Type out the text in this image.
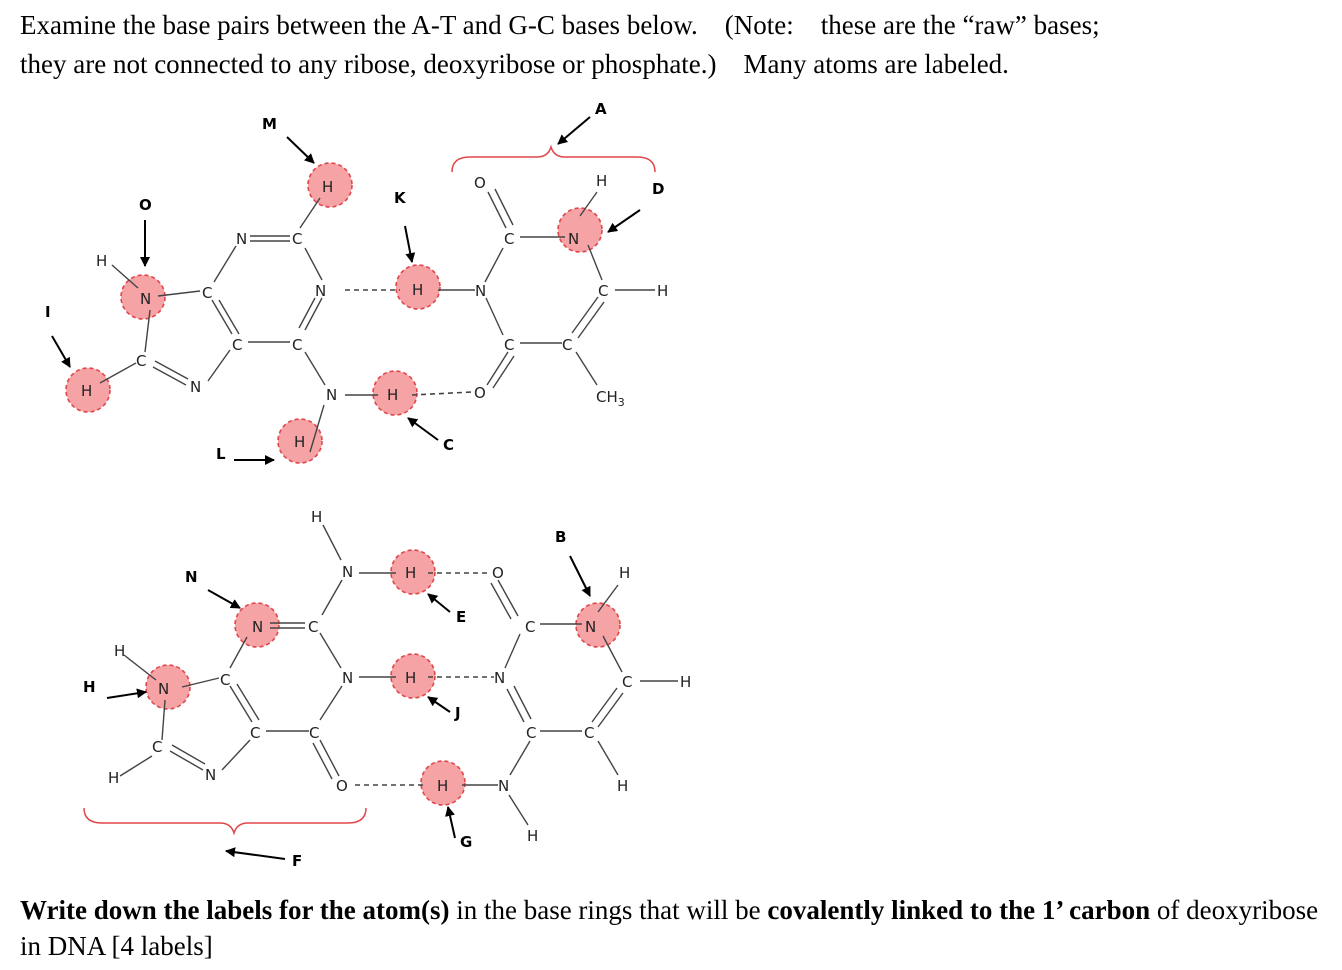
Examine the base pairs between the A-T and G-C bases below.    (Note:    these are the “raw” bases;
they are not connected to any ribose, deoxyribose or phosphate.)    Many atoms are labeled.
H
N	C
C	N
H
N
C	C
C
N
H	N
H
H
H
O
C	N
H
N	C	H
C	C
O	$CH_3$
A
M
D
O	K
I
C
L
H
N	H	O	H
N	C	C	N
H
C	N	H	N	C	H
N
C	C	C	C
C
N
H	O	H	N	H
H
B
N
E
H
J
G
F
Write down the labels for the atom(s) in the base rings that will be covalently linked to the 1’ carbon of deoxyribose in DNA [4 labels]
